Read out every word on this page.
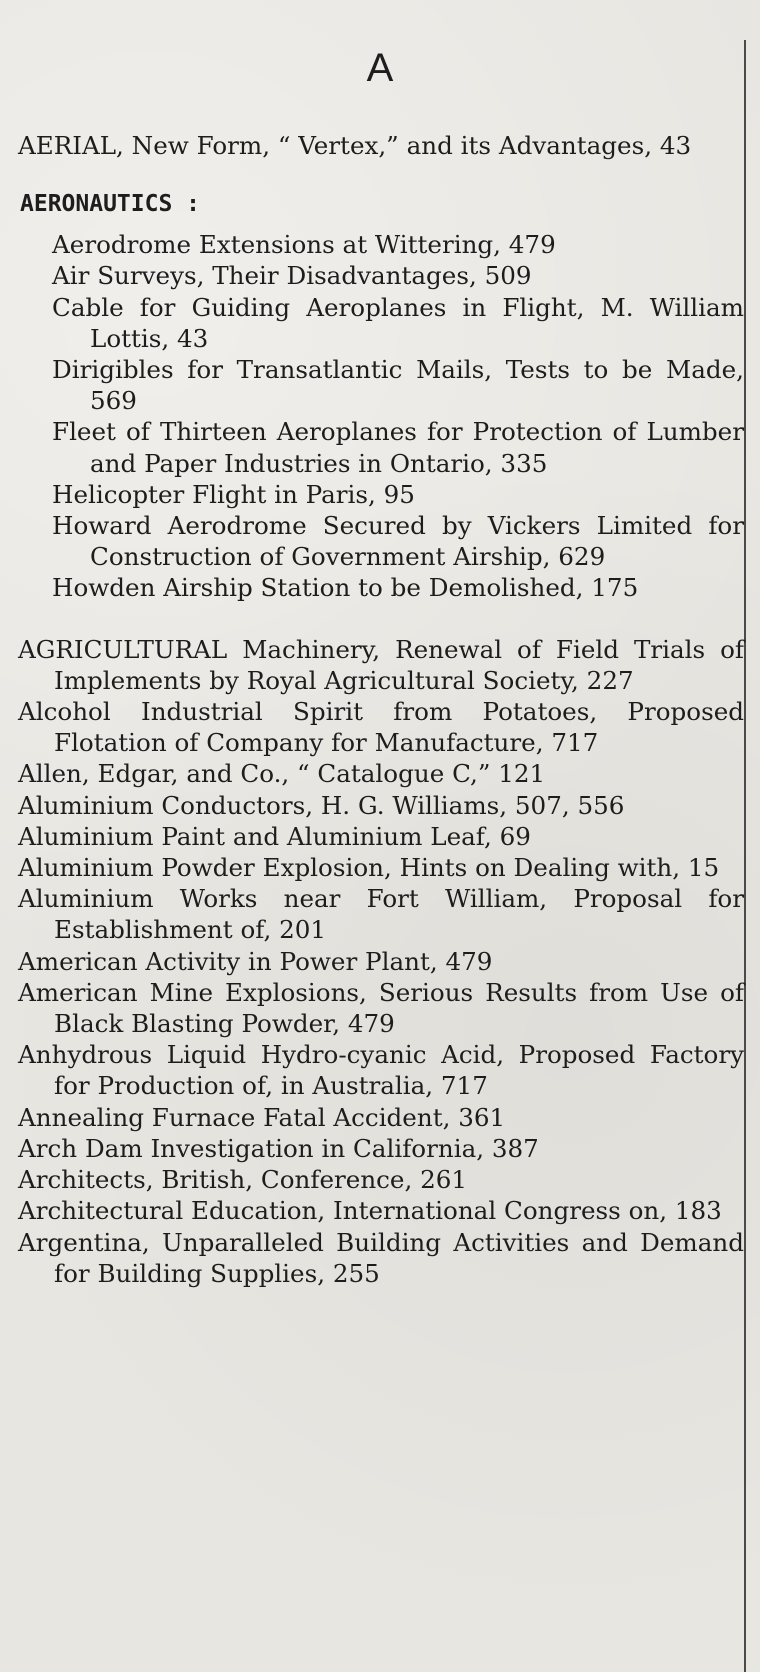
A

AERIAL, New Form, “ Vertex,” and its Advantages, 43

AERONAUTICS :

Aerodrome Extensions at Wittering, 479

Air Surveys, Their Disadvantages, 509

Cable for Guiding Aeroplanes in Flight, M. William Lottis, 43

Dirigibles for Transatlantic Mails, Tests to be Made, 569

Fleet of Thirteen Aeroplanes for Protection of Lumber and Paper Industries in Ontario, 335

Helicopter Flight in Paris, 95

Howard Aerodrome Secured by Vickers Limited for Construction of Government Airship, 629

Howden Airship Station to be Demolished, 175

AGRICULTURAL Machinery, Renewal of Field Trials of Implements by Royal Agricultural Society, 227

Alcohol Industrial Spirit from Potatoes, Proposed Flotation of Company for Manufacture, 717

Allen, Edgar, and Co., “ Catalogue C,” 121

Aluminium Conductors, H. G. Williams, 507, 556

Aluminium Paint and Aluminium Leaf, 69

Aluminium Powder Explosion, Hints on Dealing with, 15

Aluminium Works near Fort William, Proposal for Establishment of, 201

American Activity in Power Plant, 479

American Mine Explosions, Serious Results from Use of Black Blasting Powder, 479

Anhydrous Liquid Hydro-cyanic Acid, Proposed Factory for Production of, in Australia, 717

Annealing Furnace Fatal Accident, 361

Arch Dam Investigation in California, 387

Architects, British, Conference, 261

Architectural Education, International Congress on, 183

Argentina, Unparalleled Building Activities and Demand for Building Supplies, 255
